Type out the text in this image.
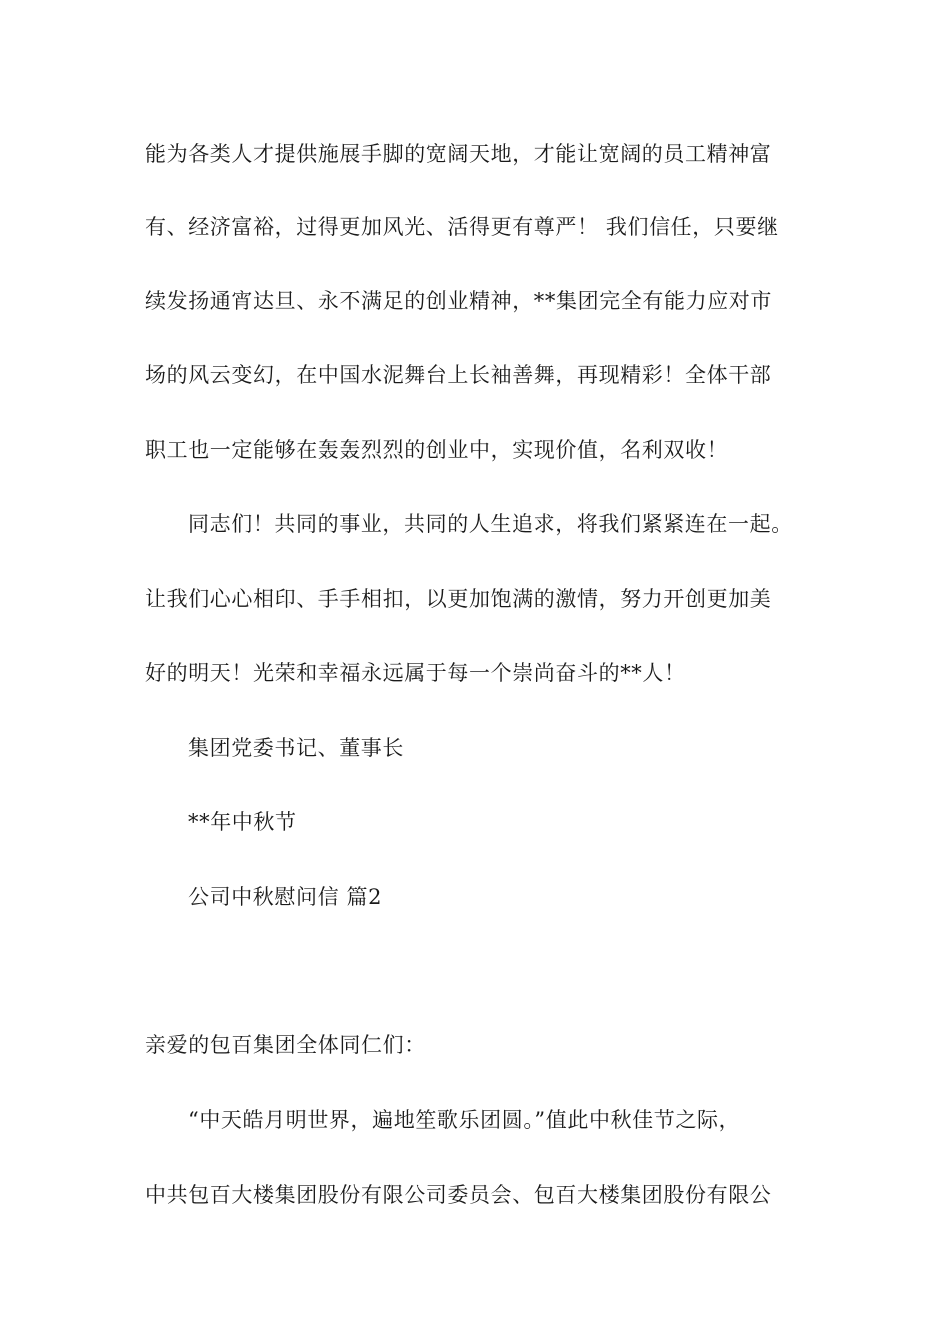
能为各类人才提供施展手脚的宽阔天地，才能让宽阔的员工精神富

有、经济富裕，过得更加风光、活得更有尊严！ 我们信任，只要继

续发扬通宵达旦、永不满足的创业精神，**集团完全有能力应对市

场的风云变幻，在中国水泥舞台上长袖善舞，再现精彩！全体干部

职工也一定能够在轰轰烈烈的创业中，实现价值，名利双收！

同志们！共同的事业，共同的人生追求，将我们紧紧连在一起。

让我们心心相印、手手相扣，以更加饱满的激情，努力开创更加美

好的明天！光荣和幸福永远属于每一个崇尚奋斗的**人！

集团党委书记、董事长

**年中秋节

公司中秋慰问信 篇2

亲爱的包百集团全体同仁们：

“中天皓月明世界，遍地笙歌乐团圆。”值此中秋佳节之际，

中共包百大楼集团股份有限公司委员会、包百大楼集团股份有限公
